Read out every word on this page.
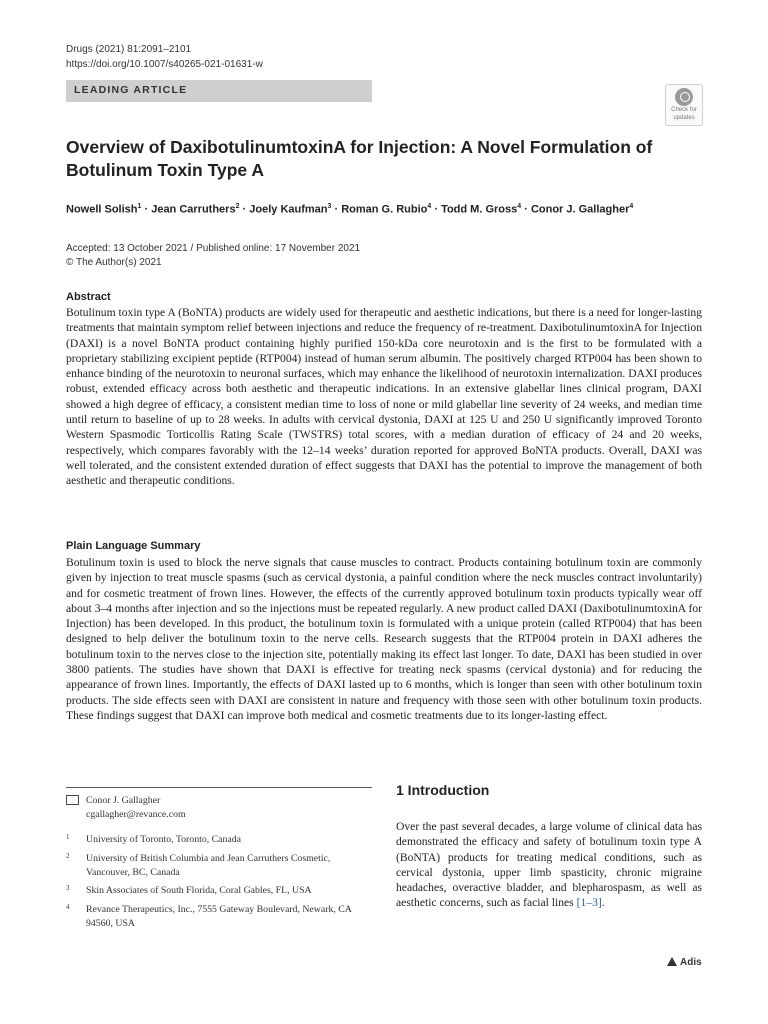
Drugs (2021) 81:2091–2101
https://doi.org/10.1007/s40265-021-01631-w
LEADING ARTICLE
Check for
updates
Overview of DaxibotulinumtoxinA for Injection: A Novel Formulation of Botulinum Toxin Type A
Nowell Solish$^1$ · Jean Carruthers$^2$ · Joely Kaufman$^3$ · Roman G. Rubio$^4$ · Todd M. Gross$^4$ · Conor J. Gallagher$^4$
Accepted: 13 October 2021 / Published online: 17 November 2021
© The Author(s) 2021
Abstract
Botulinum toxin type A (BoNTA) products are widely used for therapeutic and aesthetic indications, but there is a need for longer-lasting treatments that maintain symptom relief between injections and reduce the frequency of re-treatment. DaxibotulinumtoxinA for Injection (DAXI) is a novel BoNTA product containing highly purified 150-kDa core neurotoxin and is the first to be formulated with a proprietary stabilizing excipient peptide (RTP004) instead of human serum albumin. The positively charged RTP004 has been shown to enhance binding of the neurotoxin to neuronal surfaces, which may enhance the likelihood of neurotoxin internalization. DAXI produces robust, extended efficacy across both aesthetic and therapeutic indications. In an extensive glabellar lines clinical program, DAXI showed a high degree of efficacy, a consistent median time to loss of none or mild glabellar line severity of 24 weeks, and median time until return to baseline of up to 28 weeks. In adults with cervical dystonia, DAXI at 125 U and 250 U significantly improved Toronto Western Spasmodic Torticollis Rating Scale (TWSTRS) total scores, with a median duration of efficacy of 24 and 20 weeks, respectively, which compares favorably with the 12–14 weeks’ duration reported for approved BoNTA products. Overall, DAXI was well tolerated, and the consistent extended duration of effect suggests that DAXI has the potential to improve the management of both aesthetic and therapeutic conditions.
Plain Language Summary
Botulinum toxin is used to block the nerve signals that cause muscles to contract. Products containing botulinum toxin are commonly given by injection to treat muscle spasms (such as cervical dystonia, a painful condition where the neck muscles contract involuntarily) and for cosmetic treatment of frown lines. However, the effects of the currently approved botulinum toxin products typically wear off about 3–4 months after injection and so the injections must be repeated regularly. A new product called DAXI (DaxibotulinumtoxinA for Injection) has been developed. In this product, the botulinum toxin is formulated with a unique protein (called RTP004) that has been designed to help deliver the botulinum toxin to the nerve cells. Research suggests that the RTP004 protein in DAXI adheres the botulinum toxin to the nerves close to the injection site, potentially making its effect last longer. To date, DAXI has been studied in over 3800 patients. The studies have shown that DAXI is effective for treating neck spasms (cervical dystonia) and for reducing the appearance of frown lines. Importantly, the effects of DAXI lasted up to 6 months, which is longer than seen with other botulinum toxin products. The side effects seen with DAXI are consistent in nature and frequency with those seen with other botulinum toxin products. These findings suggest that DAXI can improve both medical and cosmetic treatments due to its longer-lasting effect.
Conor J. Gallagher
cgallagher@revance.com
1 University of Toronto, Toronto, Canada
2 University of British Columbia and Jean Carruthers Cosmetic, Vancouver, BC, Canada
3 Skin Associates of South Florida, Coral Gables, FL, USA
4 Revance Therapeutics, Inc., 7555 Gateway Boulevard, Newark, CA 94560, USA
1 Introduction
Over the past several decades, a large volume of clinical data has demonstrated the efficacy and safety of botulinum toxin type A (BoNTA) products for treating medical conditions, such as cervical dystonia, upper limb spasticity, chronic migraine headaches, overactive bladder, and blepharospasm, as well as aesthetic concerns, such as facial lines [1–3].
Adis
